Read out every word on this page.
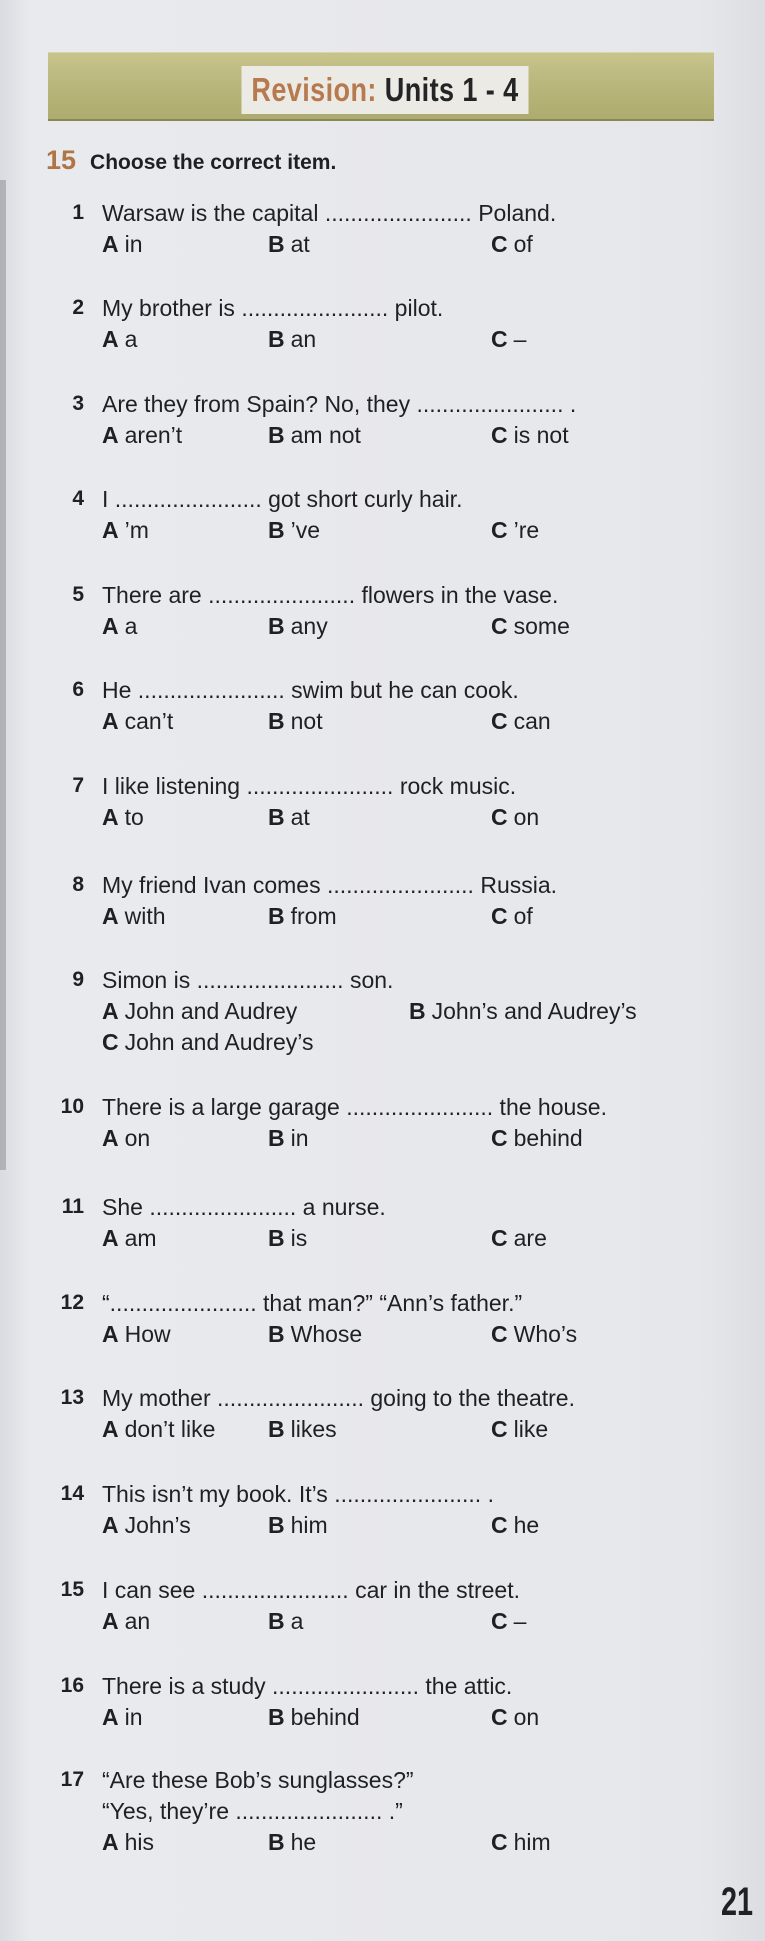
Revision: Units 1 - 4
15 Choose the correct item.
1 Warsaw is the capital ....................... Poland.
A in	B at	C of
2 My brother is ....................... pilot.
A a	B an	C –
3 Are they from Spain? No, they ....................... .
A aren’t	B am not	C is not
4 I ....................... got short curly hair.
A ’m	B ’ve	C ’re
5 There are ....................... flowers in the vase.
A a	B any	C some
6 He ....................... swim but he can cook.
A can’t	B not	C can
7 I like listening ....................... rock music.
A to	B at	C on
8 My friend Ivan comes ....................... Russia.
A with	B from	C of
9 Simon is ....................... son.
A John and Audrey	B John’s and Audrey’s
C John and Audrey’s
10 There is a large garage ....................... the house.
A on	B in	C behind
11 She ....................... a nurse.
A am	B is	C are
12 “....................... that man?” “Ann’s father.”
A How	B Whose	C Who’s
13 My mother ....................... going to the theatre.
A don’t like B likes	C like
14 This isn’t my book. It’s ....................... .
A John’s	B him	C he
15 I can see ....................... car in the street.
A an	B a	C –
16 There is a study ....................... the attic.
A in	B behind	C on
17 “Are these Bob’s sunglasses?”
“Yes, they’re ....................... .”
A his	B he	C him
21
